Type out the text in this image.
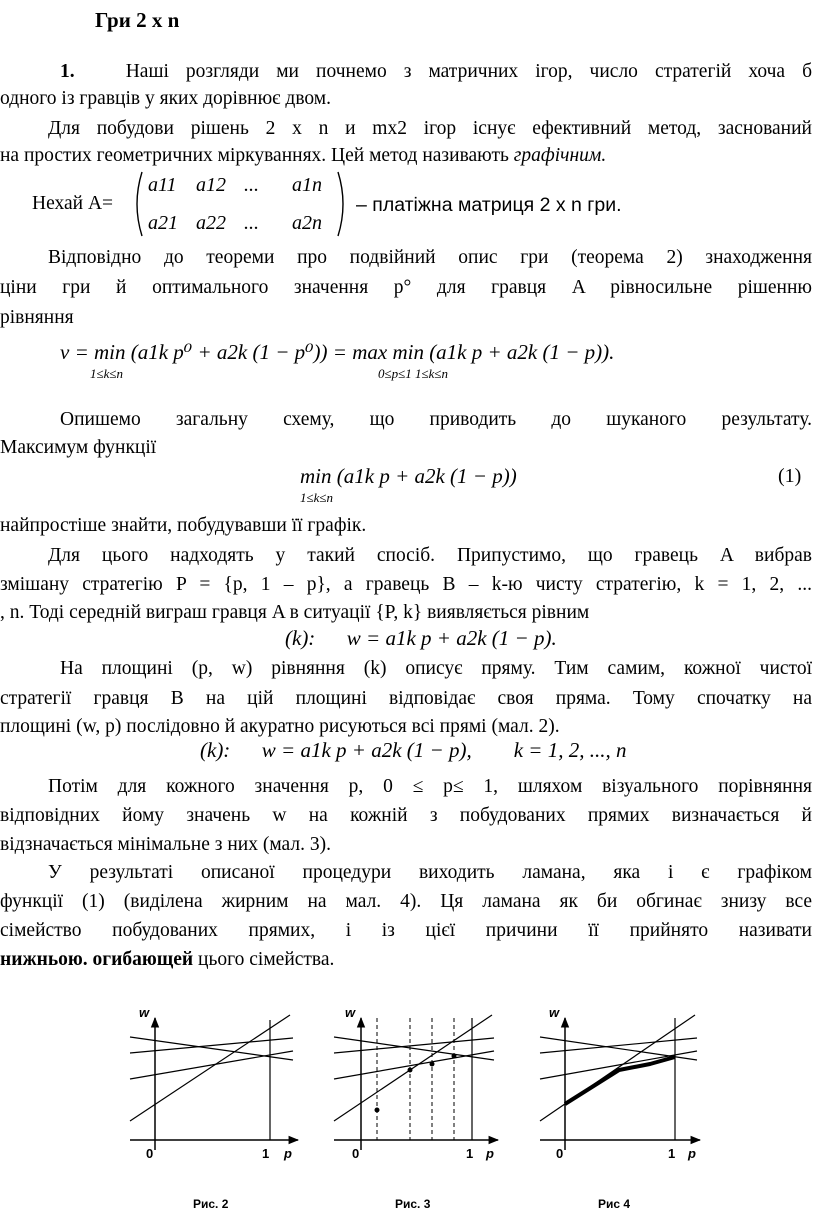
Гри 2 х n
1.	Наші розгляди ми почнемо з матричних ігор, число стратегій хоча б
одного із гравців у яких дорівнює двом.
Для побудови рішень 2 х n и mx2 ігор існує ефективний метод, заснований
на простих геометричних міркуваннях. Цей метод називають графічним.
Нехай А=
a11 a12 ... a1n
a21 a22 ... a2n
– платіжна матриця 2 х n гри.
Відповідно до теореми про подвійний опис гри (теорема 2) знаходження
ціни гри й оптимального значення p° для гравця A рівносильне рішенню
рівняння
ν = min (a1k p⁰ + a2k (1 − p⁰)) = max min (a1k p + a2k (1 − p)).
1≤k≤n	0≤p≤1 1≤k≤n
Опишемо загальну схему, що приводить до шуканого результату.
Максимум функції
min (a1k p + a2k (1 − p))
1≤k≤n
(1)
найпростіше знайти, побудувавши її графік.
Для цього надходять у такий спосіб. Припустимо, що гравець A вибрав
змішану стратегію P = {p, 1 – p}, а гравець B – k-ю чисту стратегію, k = 1, 2, ...
, n. Тоді середній виграш гравця A в ситуації {P, k} виявляється рівним
(k):      w = a1k p + a2k (1 − p).
На площині (p, w) рівняння (k) описує пряму. Тим самим, кожної чистої
стратегії гравця B на цій площині відповідає своя пряма. Тому спочатку на
площині (w, p) послідовно й акуратно рисуються всі прямі (мал. 2).
(k):      w = a1k p + a2k (1 − p),        k = 1, 2, ..., n
Потім для кожного значення p, 0 ≤ p≤ 1, шляхом візуального порівняння
відповідних йому значень w на кожній з побудованих прямих визначається й
відзначається мінімальне з них (мал. 3).
У результаті описаної процедури виходить ламана, яка і є графіком
функції (1) (виділена жирним на мал. 4). Ця ламана як би обгинає знизу все
сімейство побудованих прямих, і із цієї причини її прийнято називати
нижньою. огибающей цього сімейства.
w
0	1 p
Рис. 2
w
0	1 p
Рис. 3
w
0	1 p
Рис 4
